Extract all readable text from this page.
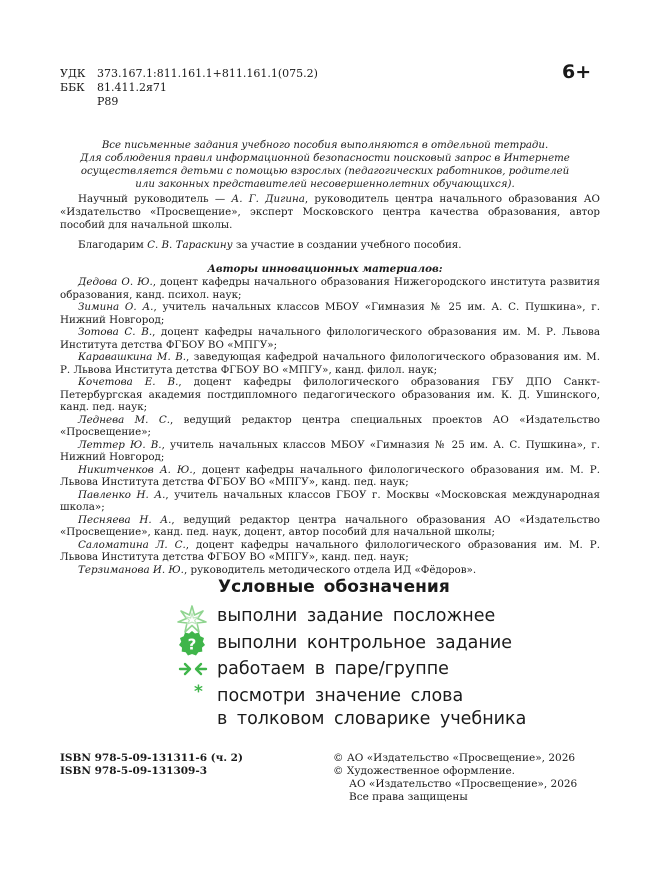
УДК 373.167.1:811.161.1+811.161.1(075.2)
ББК 81.411.2я71
Р89
6+
Все письменные задания учебного пособия выполняются в отдельной тетради.
Для соблюдения правил информационной безопасности поисковый запрос в Интернете
осуществляется детьми с помощью взрослых (педагогических работников, родителей
или законных представителей несовершеннолетних обучающихся).

Научный руководитель — А. Г. Дигина, руководитель центра начального образования АО «Издательство «Просвещение», эксперт Московского центра качества образования, автор пособий для начальной школы.

Благодарим С. В. Тараскину за участие в создании учебного пособия.

Авторы инновационных материалов:

Дедова О. Ю., доцент кафедры начального образования Нижегородского института развития образования, канд. психол. наук;

Зимина О. А., учитель начальных классов МБОУ «Гимназия № 25 им. А. С. Пушкина», г. Нижний Новгород;

Зотова С. В., доцент кафедры начального филологического образования им. М. Р. Львова Института детства ФГБОУ ВО «МПГУ»;

Каравашкина М. В., заведующая кафедрой начального филологического образования им. М. Р. Львова Института детства ФГБОУ ВО «МПГУ», канд. филол. наук;

Кочетова Е. В., доцент кафедры филологического образования ГБУ ДПО Санкт-Петербургская академия постдипломного педагогического образования им. К. Д. Ушинского, канд. пед. наук;

Леднева М. С., ведущий редактор центра специальных проектов АО «Издательство «Просвещение»;

Леттер Ю. В., учитель начальных классов МБОУ «Гимназия № 25 им. А. С. Пушкина», г. Нижний Новгород;

Никитченков А. Ю., доцент кафедры начального филологического образования им. М. Р. Львова Института детства ФГБОУ ВО «МПГУ», канд. пед. наук;

Павленко Н. А., учитель начальных классов ГБОУ г. Москвы «Московская международная школа»;

Песняева Н. А., ведущий редактор центра начального образования АО «Издательство «Просвещение», канд. пед. наук, доцент, автор пособий для начальной школы;

Саломатина Л. С., доцент кафедры начального филологического образования им. М. Р. Львова Института детства ФГБОУ ВО «МПГУ», канд. пед. наук;

Терзиманова И. Ю., руководитель методического отдела ИД «Фёдоров».

Условные обозначения
выполни задание посложнее
? выполни контрольное задание
работаем в паре/группе
* посмотри значение слова
в толковом словарике учебника
ISBN 978-5-09-131311-6 (ч. 2)
ISBN 978-5-09-131309-3
© АО «Издательство «Просвещение», 2026
© Художественное оформление.
АО «Издательство «Просвещение», 2026
Все права защищены
